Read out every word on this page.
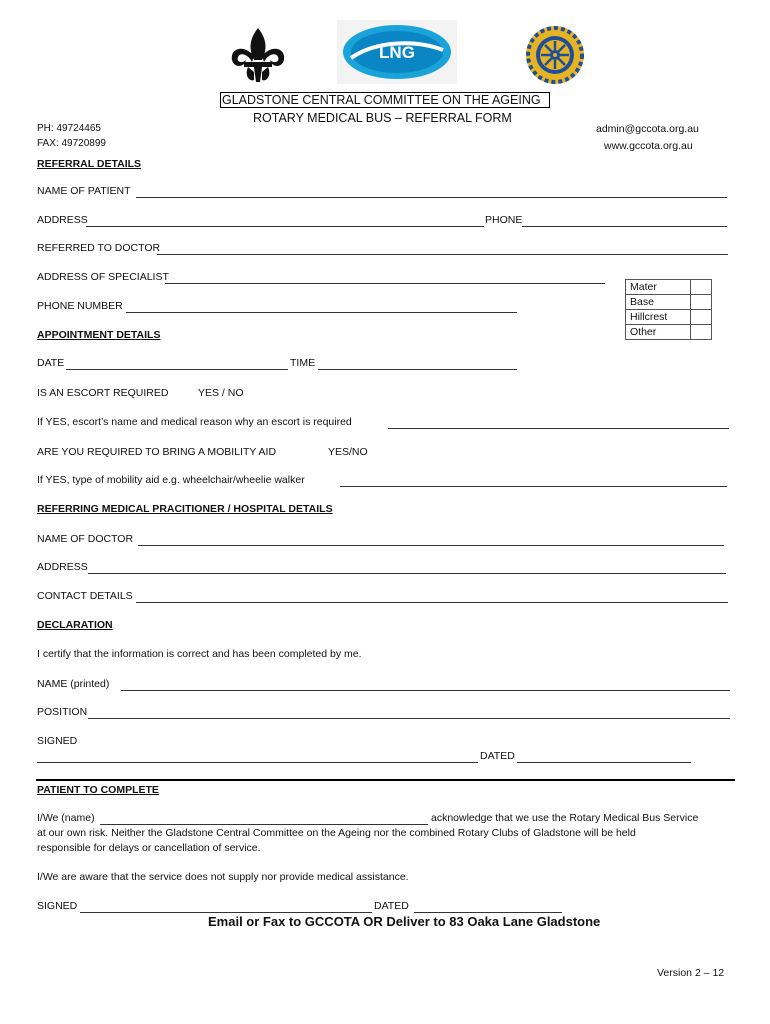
LNG
GLADSTONE CENTRAL COMMITTEE ON THE AGEING
ROTARY MEDICAL BUS – REFERRAL FORM
PH: 49724465
FAX: 49720899
admin@gccota.org.au
www.gccota.org.au
REFERRAL DETAILS
NAME OF PATIENT
ADDRESS	PHONE
REFERRED TO DOCTOR
ADDRESS OF SPECIALIST
PHONE NUMBER
Mater	
Base	
Hillcrest	
Other	
APPOINTMENT DETAILS
DATE	TIME
IS AN ESCORT REQUIRED	YES / NO
If YES, escort’s name and medical reason why an escort is required
ARE YOU REQUIRED TO BRING A MOBILITY AID	YES/NO
If YES, type of mobility aid e.g. wheelchair/wheelie walker
REFERRING MEDICAL PRACITIONER / HOSPITAL DETAILS
NAME OF DOCTOR
ADDRESS
CONTACT DETAILS
DECLARATION
I certify that the information is correct and has been completed by me.
NAME (printed)
POSITION
SIGNED
DATED
PATIENT TO COMPLETE
I/We (name)	acknowledge that we use the Rotary Medical Bus Service
at our own risk. Neither the Gladstone Central Committee on the Ageing nor the combined Rotary Clubs of Gladstone will be held
responsible for delays or cancellation of service.
I/We are aware that the service does not supply nor provide medical assistance.
SIGNED	DATED
Email or Fax to GCCOTA OR Deliver to 83 Oaka Lane Gladstone
Version 2 – 12
